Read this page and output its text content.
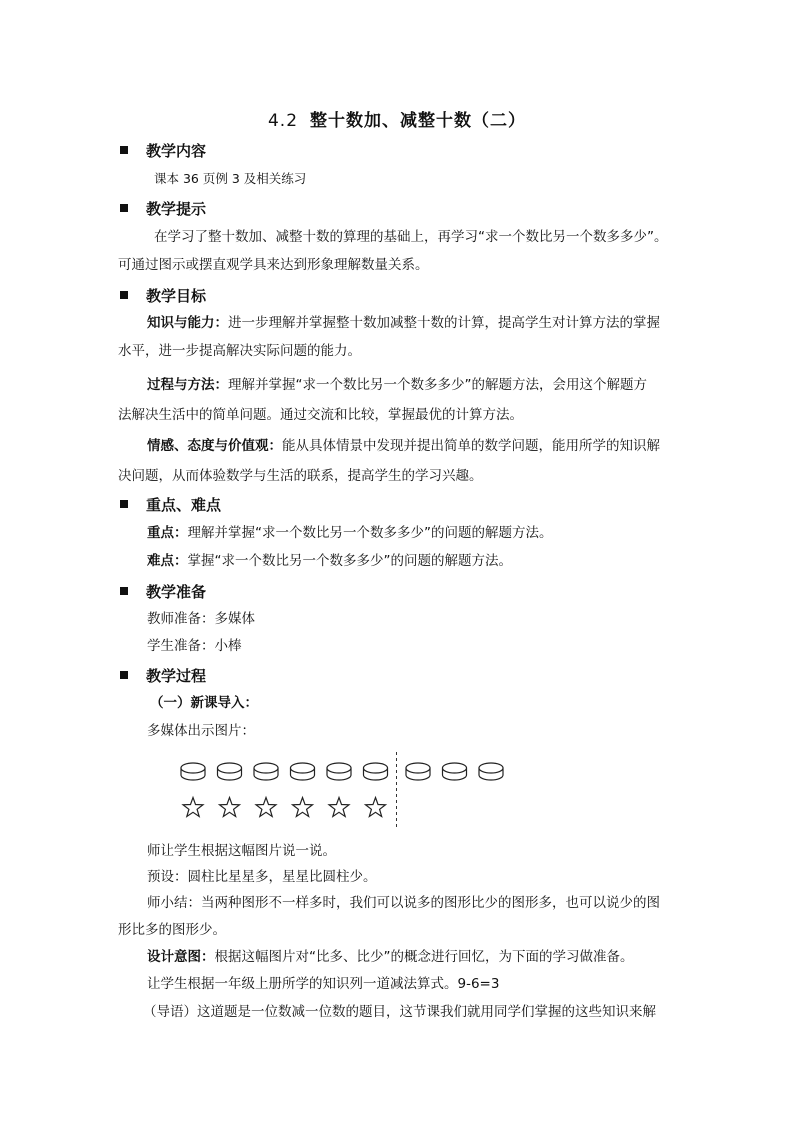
4.2 整十数加、减整十数（二）
教学内容
课本 36 页例 3 及相关练习
教学提示
在学习了整十数加、减整十数的算理的基础上，再学习“求一个数比另一个数多多少”。
可通过图示或摆直观学具来达到形象理解数量关系。
教学目标
知识与能力：进一步理解并掌握整十数加减整十数的计算，提高学生对计算方法的掌握
水平，进一步提高解决实际问题的能力。
过程与方法：理解并掌握“求一个数比另一个数多多少”的解题方法，会用这个解题方
法解决生活中的简单问题。通过交流和比较，掌握最优的计算方法。
情感、态度与价值观：能从具体情景中发现并提出简单的数学问题，能用所学的知识解
决问题，从而体验数学与生活的联系，提高学生的学习兴趣。
重点、难点
重点：理解并掌握“求一个数比另一个数多多少”的问题的解题方法。
难点：掌握“求一个数比另一个数多多少”的问题的解题方法。
教学准备
教师准备：多媒体
学生准备：小棒
教学过程
（一）新课导入：
多媒体出示图片：
师让学生根据这幅图片说一说。
预设：圆柱比星星多，星星比圆柱少。
师小结：当两种图形不一样多时，我们可以说多的图形比少的图形多，也可以说少的图
形比多的图形少。
设计意图：根据这幅图片对“比多、比少”的概念进行回忆，为下面的学习做准备。
让学生根据一年级上册所学的知识列一道减法算式。9-6=3
（导语）这道题是一位数减一位数的题目，这节课我们就用同学们掌握的这些知识来解
